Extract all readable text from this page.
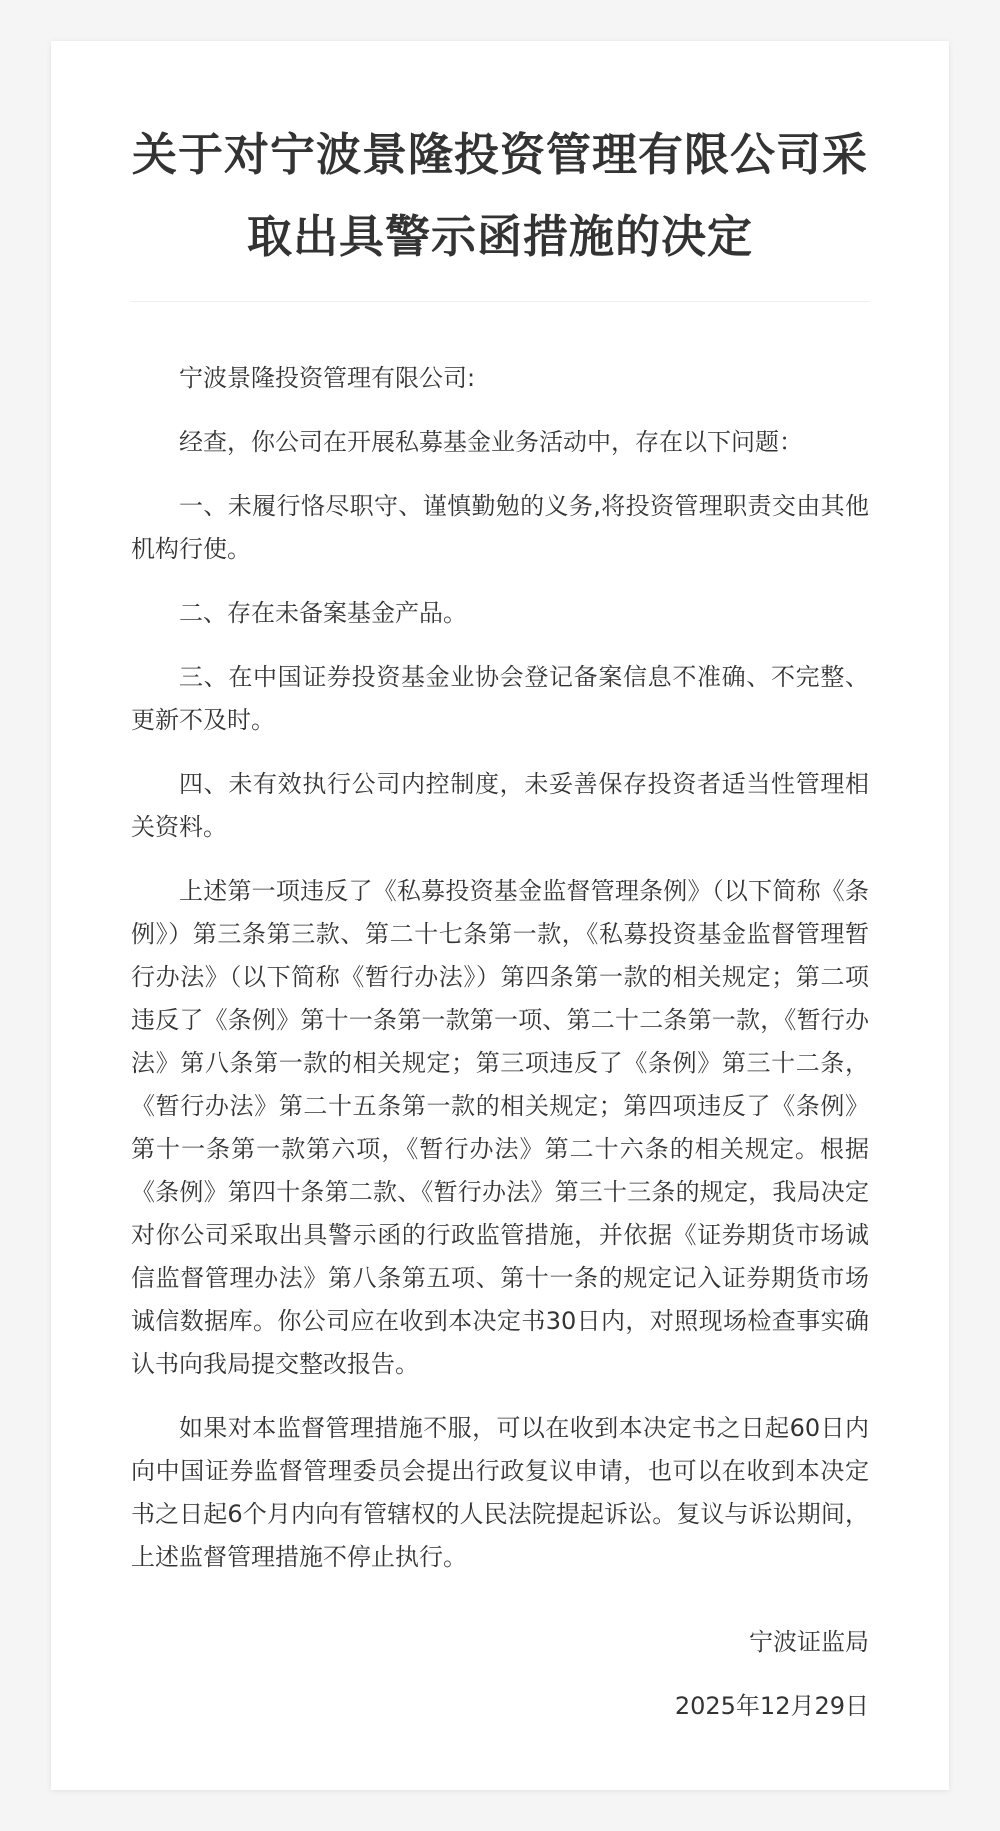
关于对宁波景隆投资管理有限公司采取出具警示函措施的决定

宁波景隆投资管理有限公司:

经查，你公司在开展私募基金业务活动中，存在以下问题：

一、未履行恪尽职守、谨慎勤勉的义务,将投资管理职责交由其他机构行使。

二、存在未备案基金产品。

三、在中国证券投资基金业协会登记备案信息不准确、不完整、更新不及时。

四、未有效执行公司内控制度，未妥善保存投资者适当性管理相关资料。

上述第一项违反了《私募投资基金监督管理条例》（以下简称《条例》）第三条第三款、第二十七条第一款，《私募投资基金监督管理暂行办法》（以下简称《暂行办法》）第四条第一款的相关规定；第二项违反了《条例》第十一条第一款第一项、第二十二条第一款，《暂行办法》第八条第一款的相关规定；第三项违反了《条例》第三十二条，《暂行办法》第二十五条第一款的相关规定；第四项违反了《条例》第十一条第一款第六项，《暂行办法》第二十六条的相关规定。根据《条例》第四十条第二款、《暂行办法》第三十三条的规定，我局决定对你公司采取出具警示函的行政监管措施，并依据《证券期货市场诚信监督管理办法》第八条第五项、第十一条的规定记入证券期货市场诚信数据库。你公司应在收到本决定书30日内，对照现场检查事实确认书向我局提交整改报告。

如果对本监督管理措施不服，可以在收到本决定书之日起60日内向中国证券监督管理委员会提出行政复议申请，也可以在收到本决定书之日起6个月内向有管辖权的人民法院提起诉讼。复议与诉讼期间，上述监督管理措施不停止执行。

宁波证监局

2025年12月29日
